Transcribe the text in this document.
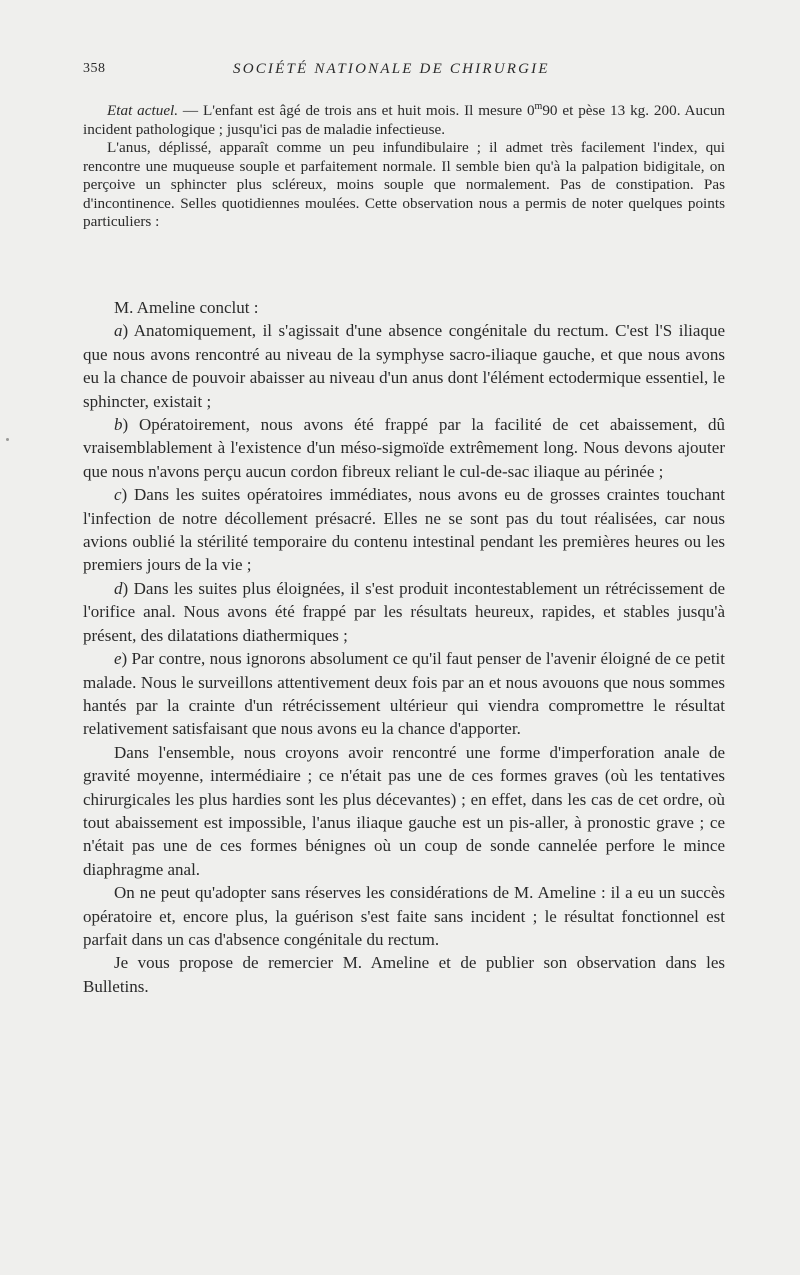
358	SOCIÉTÉ NATIONALE DE CHIRURGIE

Etat actuel. — L'enfant est âgé de trois ans et huit mois. Il mesure 0$^m$90 et pèse 13 kg. 200. Aucun incident pathologique ; jusqu'ici pas de maladie infectieuse.

L'anus, déplissé, apparaît comme un peu infundibulaire ; il admet très facilement l'index, qui rencontre une muqueuse souple et parfaitement normale. Il semble bien qu'à la palpation bidigitale, on perçoive un sphincter plus scléreux, moins souple que normalement. Pas de constipation. Pas d'incontinence. Selles quotidiennes moulées. Cette observation nous a permis de noter quelques points particuliers :

M. Ameline conclut :

a) Anatomiquement, il s'agissait d'une absence congénitale du rectum. C'est l'S iliaque que nous avons rencontré au niveau de la symphyse sacro-iliaque gauche, et que nous avons eu la chance de pouvoir abaisser au niveau d'un anus dont l'élément ectodermique essentiel, le sphincter, existait ;

b) Opératoirement, nous avons été frappé par la facilité de cet abaissement, dû vraisemblablement à l'existence d'un méso-sigmoïde extrêmement long. Nous devons ajouter que nous n'avons perçu aucun cordon fibreux reliant le cul-de-sac iliaque au périnée ;

c) Dans les suites opératoires immédiates, nous avons eu de grosses craintes touchant l'infection de notre décollement présacré. Elles ne se sont pas du tout réalisées, car nous avions oublié la stérilité temporaire du contenu intestinal pendant les premières heures ou les premiers jours de la vie ;

d) Dans les suites plus éloignées, il s'est produit incontestablement un rétrécissement de l'orifice anal. Nous avons été frappé par les résultats heureux, rapides, et stables jusqu'à présent, des dilatations diathermiques ;

e) Par contre, nous ignorons absolument ce qu'il faut penser de l'avenir éloigné de ce petit malade. Nous le surveillons attentivement deux fois par an et nous avouons que nous sommes hantés par la crainte d'un rétrécissement ultérieur qui viendra compromettre le résultat relativement satisfaisant que nous avons eu la chance d'apporter.

Dans l'ensemble, nous croyons avoir rencontré une forme d'imperforation anale de gravité moyenne, intermédiaire ; ce n'était pas une de ces formes graves (où les tentatives chirurgicales les plus hardies sont les plus décevantes) ; en effet, dans les cas de cet ordre, où tout abaissement est impossible, l'anus iliaque gauche est un pis-aller, à pronostic grave ; ce n'était pas une de ces formes bénignes où un coup de sonde cannelée perfore le mince diaphragme anal.

On ne peut qu'adopter sans réserves les considérations de M. Ameline : il a eu un succès opératoire et, encore plus, la guérison s'est faite sans incident ; le résultat fonctionnel est parfait dans un cas d'absence congénitale du rectum.

Je vous propose de remercier M. Ameline et de publier son observation dans les Bulletins.
